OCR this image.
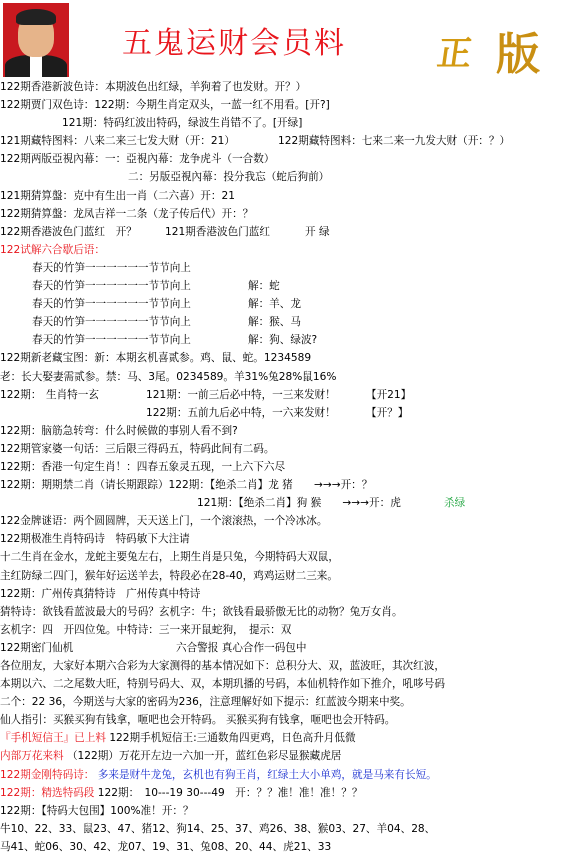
五鬼运财会员料	正 版
122期香港新波色诗：本期波色出红绿，羊狗着了也发财。开？）
122期贾门双色诗：122期：今期生肖定双头，一蓝一红不用看。[开?]
121期：特码红波出特码，绿波生肖错不了。[开绿]
121期藏特图料：八来二来三七发大财（开：21）	122期藏特图料：七来二来一九发大财（开：？）
122期两版亞視內幕：一：亞視內幕：龙争虎斗（一合数）
二：另版亞視內幕：投分我忘（蛇后狗前）
121期猜算盤：克中有生出一肖（二六喜）开：21
122期猜算盤：龙凤吉祥一二条（龙子传后代）开：？
122期香港波色门蓝红　开？	121期香港波色门蓝红	开 绿
122试解六合歇后语：
春天的竹笋一一一一一一节节向上
春天的竹笋一一一一一一节节向上	解：蛇
春天的竹笋一一一一一一节节向上	解：羊、龙
春天的竹笋一一一一一一节节向上	解：猴、马
春天的竹笋一一一一一一节节向上	解：狗、绿波?
122期新老藏宝图：新：本期玄机喜贰参。鸡、鼠、蛇。1234589
老：长大娶妻需贰参。禁：马、3尾。0234589。羊31%兔28%鼠16%
122期： 生肖特一玄	121期：一前三后必中特，一三来发财！	【开21】
122期：五前九后必中特，一六来发财！	【开？】
122期：脑筋急转弯：什么时候做的事别人看不到?
122期管家婆一句话：三后限三得码五，特码此间有二码。
122期：香港一句定生肖！：四春五象灵五现，一上六下六尽
122期：期期禁二肖（请长期跟踪）122期：【绝杀二肖】龙 猪　　→→→开：？
121期：【绝杀二肖】狗 猴　　→→→开：虎	杀绿
122金牌谜语：两个圆圆牌，天天送上门，一个滚滚热，一个冷冰冰。
122期极准生肖特码诗　特码敏下大注请
十二生肖在金水，龙蛇主要兔左右，上期生肖是只兔，今期特码大双鼠，
主红防绿二四门，猴年好运送羊去，特段必在28-40，鸡鸡运财二三来。
122期：广州传真猜特诗　广州传真中特诗
猜特诗：欲钱看蓝波最大的号码？玄机字：牛；欲钱看最骄傲无比的动物？兔万女肖。
玄机字：四　开四位兔。中特诗：三一来开鼠蛇狗，　提示：双
122期密门仙机	六合警报 真心合作一码包中
各位朋友，大家好本期六合彩为大家测得的基本情况如下：总积分大、双，蓝波旺，其次红波，
本期以六、二之尾数大旺，特别号码大、双，本期玑播的号码，本仙机特作如下推介，吼哆号码
二个：22 36，今期送与大家的密码为236，注意理解好如下提示：红蓝波今期来中奖。
仙人指引：买猴买狗有钱拿，咂吧也会开特码。 买猴买狗有钱拿，咂吧也会开特码。
『手机短信王』已上料 122期手机短信王:三通数角四更鸡，日色高升月低微
内部万花来料 （122期）万花开左边一六加一开，蓝红色彩尽显猴藏虎居
122期金刚特码诗： 多来是财牛龙兔，玄机也有狗王肖，红绿土大小单鸡，就是马来有长短。
122期：精选特码段 122期：　10---19 30---49　开：？？准！准！准！？？
122期：【特码大包围】100%准！开：？
牛10、22、33、鼠23、47、猪12、狗14、25、37、鸡26、38、猴03、27、羊04、28、
马41、蛇06、30、42、龙07、19、31、兔08、20、44、虎21、33
